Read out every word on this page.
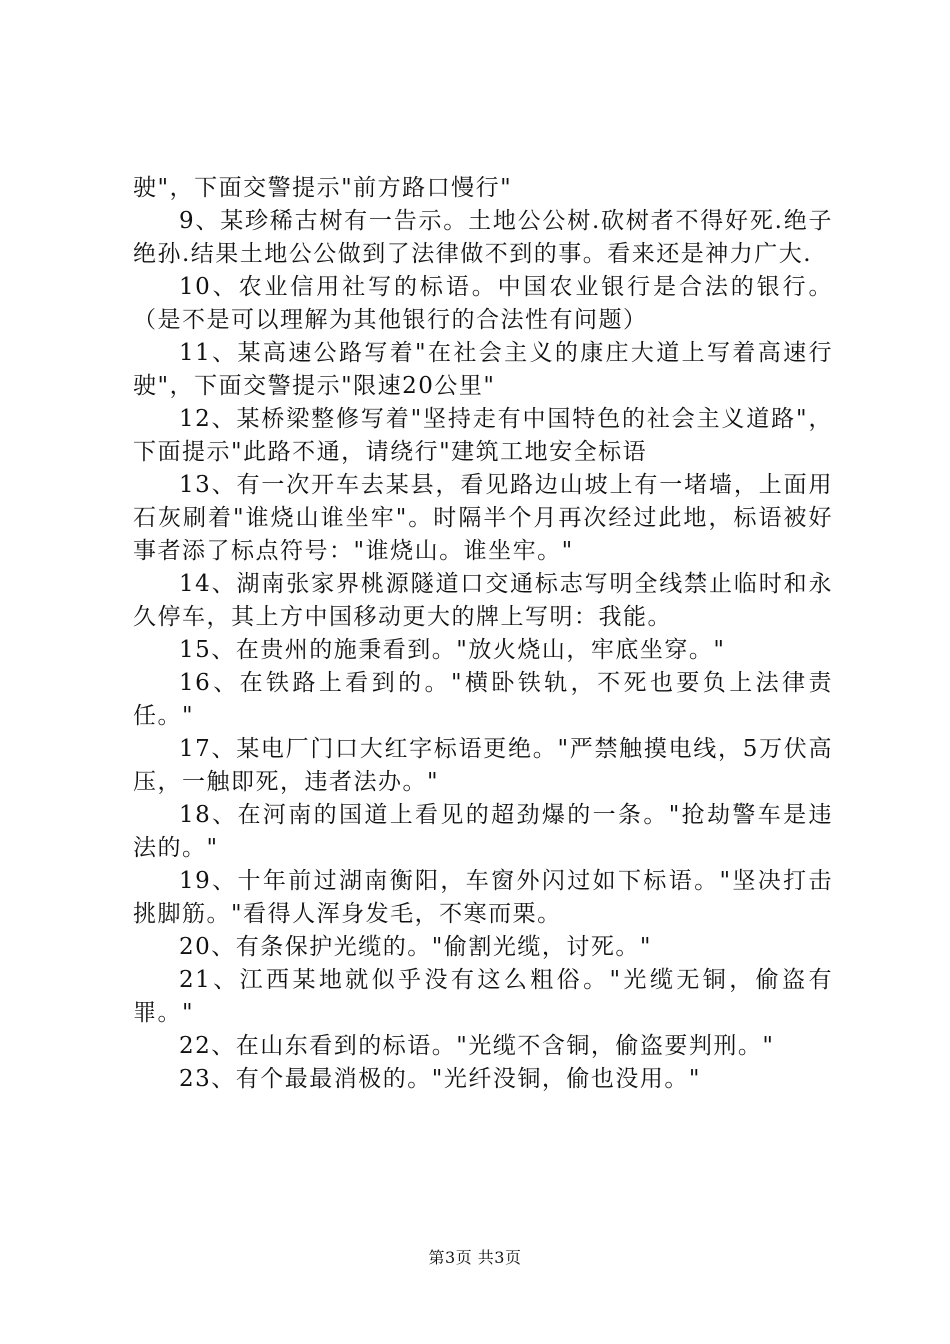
驶"，下面交警提示"前方路口慢行"

9、某珍稀古树有一告示。土地公公树.砍树者不得好死.绝子绝孙.结果土地公公做到了法律做不到的事。看来还是神力广大.

10、农业信用社写的标语。中国农业银行是合法的银行。（是不是可以理解为其他银行的合法性有问题）

11、某高速公路写着"在社会主义的康庄大道上写着高速行驶"，下面交警提示"限速20公里"

12、某桥梁整修写着"坚持走有中国特色的社会主义道路"，下面提示"此路不通，请绕行"建筑工地安全标语

13、有一次开车去某县，看见路边山坡上有一堵墙，上面用石灰刷着"谁烧山谁坐牢"。时隔半个月再次经过此地，标语被好事者添了标点符号："谁烧山。谁坐牢。"

14、湖南张家界桃源隧道口交通标志写明全线禁止临时和永久停车，其上方中国移动更大的牌上写明：我能。

15、在贵州的施秉看到。"放火烧山，牢底坐穿。"

16、在铁路上看到的。"横卧铁轨，不死也要负上法律责任。"

17、某电厂门口大红字标语更绝。"严禁触摸电线，5万伏高压，一触即死，违者法办。"

18、在河南的国道上看见的超劲爆的一条。"抢劫警车是违法的。"

19、十年前过湖南衡阳，车窗外闪过如下标语。"坚决打击挑脚筋。"看得人浑身发毛，不寒而栗。

20、有条保护光缆的。"偷割光缆，讨死。"

21、江西某地就似乎没有这么粗俗。"光缆无铜，偷盗有罪。"

22、在山东看到的标语。"光缆不含铜，偷盗要判刑。"

23、有个最最消极的。"光纤没铜，偷也没用。"

第3页 共3页
